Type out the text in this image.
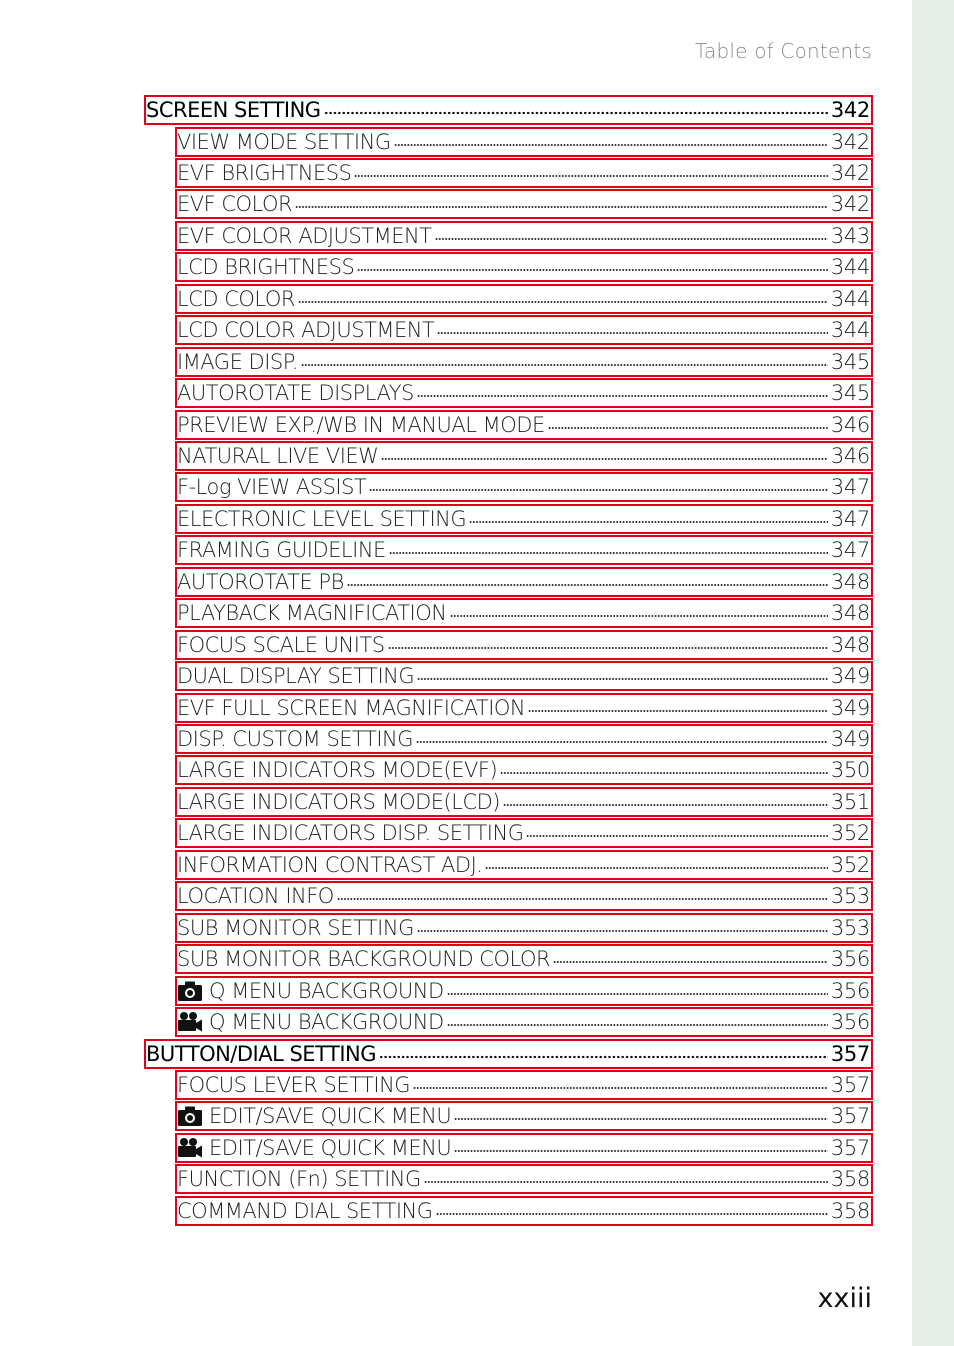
Table of Contents
SCREEN SETTING	342
VIEW MODE SETTING	342
EVF BRIGHTNESS	342
EVF COLOR	342
EVF COLOR ADJUSTMENT	343
LCD BRIGHTNESS	344
LCD COLOR	344
LCD COLOR ADJUSTMENT	344
IMAGE DISP.	345
AUTOROTATE DISPLAYS	345
PREVIEW EXP./WB IN MANUAL MODE	346
NATURAL LIVE VIEW	346
F-Log VIEW ASSIST	347
ELECTRONIC LEVEL SETTING	347
FRAMING GUIDELINE	347
AUTOROTATE PB	348
PLAYBACK MAGNIFICATION	348
FOCUS SCALE UNITS	348
DUAL DISPLAY SETTING	349
EVF FULL SCREEN MAGNIFICATION	349
DISP. CUSTOM SETTING	349
LARGE INDICATORS MODE(EVF)	350
LARGE INDICATORS MODE(LCD)	351
LARGE INDICATORS DISP. SETTING	352
INFORMATION CONTRAST ADJ.	352
LOCATION INFO	353
SUB MONITOR SETTING	353
SUB MONITOR BACKGROUND COLOR	356
Q MENU BACKGROUND	356
Q MENU BACKGROUND	356
BUTTON/DIAL SETTING	357
FOCUS LEVER SETTING	357
EDIT/SAVE QUICK MENU	357
EDIT/SAVE QUICK MENU	357
FUNCTION (Fn) SETTING	358
COMMAND DIAL SETTING	358
xxiii
